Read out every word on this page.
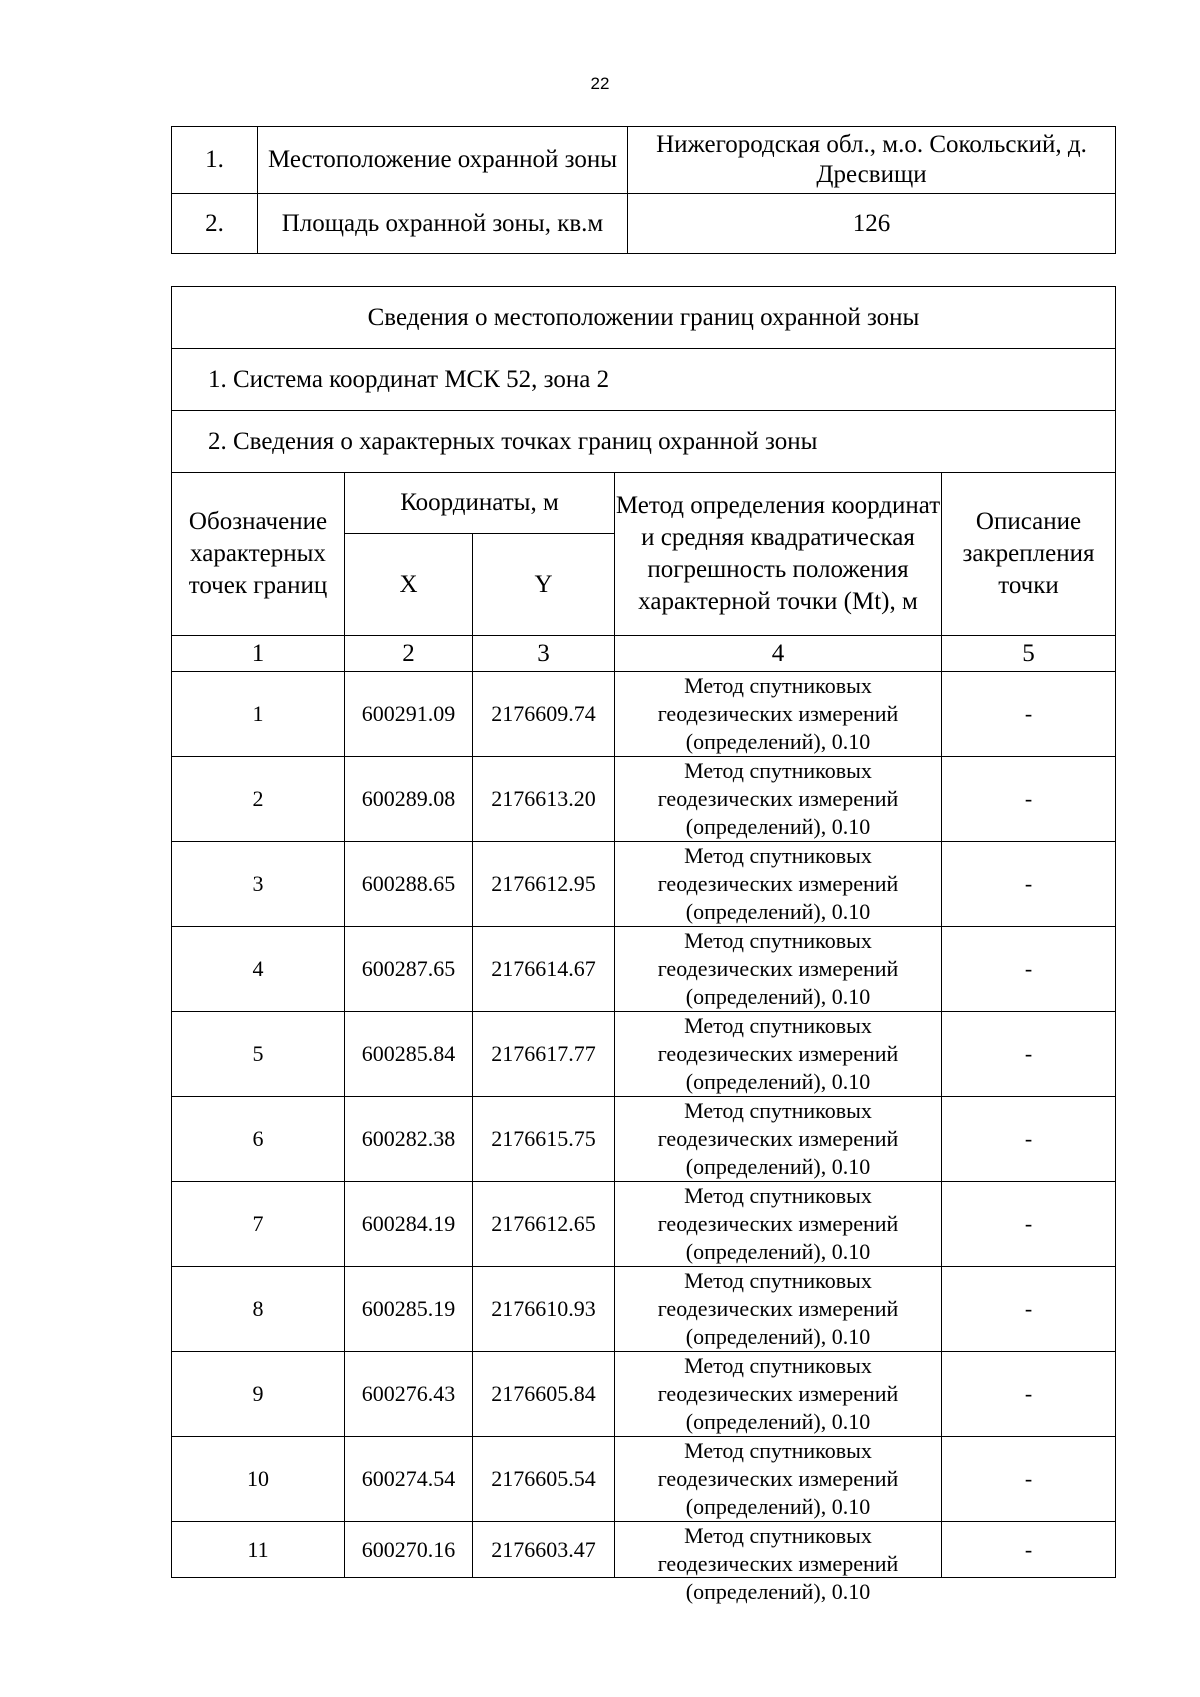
22
1.	Местоположение охранной зоны	Нижегородская обл., м.о. Сокольский, д. Дресвищи
2.	Площадь охранной зоны, кв.м	126
Сведения о местоположении границ охранной зоны				
1. Система координат МСК 52, зона 2				
2. Сведения о характерных точках границ охранной зоны				
Обозначение характерных точек границ	Координаты, м		Метод определения координат и средняя квадратическая погрешность положения характерной точки (Mt), м	Описание закрепления точки
	X	Y		
1	2	3	4	5
1	600291.09	2176609.74	Метод спутниковых геодезических измерений (определений), 0.10	-
2	600289.08	2176613.20	Метод спутниковых геодезических измерений (определений), 0.10	-
3	600288.65	2176612.95	Метод спутниковых геодезических измерений (определений), 0.10	-
4	600287.65	2176614.67	Метод спутниковых геодезических измерений (определений), 0.10	-
5	600285.84	2176617.77	Метод спутниковых геодезических измерений (определений), 0.10	-
6	600282.38	2176615.75	Метод спутниковых геодезических измерений (определений), 0.10	-
7	600284.19	2176612.65	Метод спутниковых геодезических измерений (определений), 0.10	-
8	600285.19	2176610.93	Метод спутниковых геодезических измерений (определений), 0.10	-
9	600276.43	2176605.84	Метод спутниковых геодезических измерений (определений), 0.10	-
10	600274.54	2176605.54	Метод спутниковых геодезических измерений (определений), 0.10	-
11	600270.16	2176603.47	Метод спутниковых геодезических измерений (определений), 0.10	-
